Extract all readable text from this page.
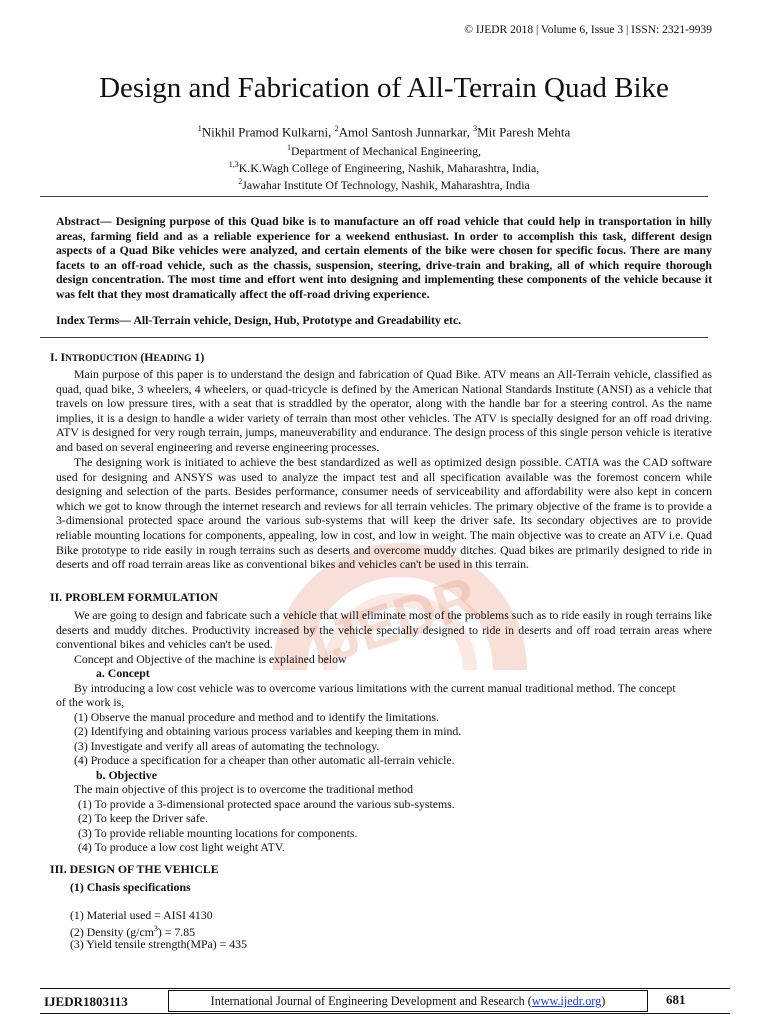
IJEDR
© IJEDR 2018 | Volume 6, Issue 3 | ISSN: 2321-9939
Design and Fabrication of All-Terrain Quad Bike
$^1$Nikhil Pramod Kulkarni, $^2$Amol Santosh Junnarkar, $^3$Mit Paresh Mehta
$^1$Department of Mechanical Engineering,
$^{1,3}$K.K.Wagh College of Engineering, Nashik, Maharashtra, India,
$^2$Jawahar Institute Of Technology, Nashik, Maharashtra, India
Abstract— Designing purpose of this Quad bike is to manufacture an off road vehicle that could help in transportation in hilly areas, farming field and as a reliable experience for a weekend enthusiast. In order to accomplish this task, different design aspects of a Quad Bike vehicles were analyzed, and certain elements of the bike were chosen for specific focus. There are many facets to an off-road vehicle, such as the chassis, suspension, steering, drive-train and braking, all of which require thorough design concentration. The most time and effort went into designing and implementing these components of the vehicle because it was felt that they most dramatically affect the off-road driving experience.
Index Terms— All-Terrain vehicle, Design, Hub, Prototype and Greadability etc.
I. INTRODUCTION (HEADING 1)

Main purpose of this paper is to understand the design and fabrication of Quad Bike. ATV means an All-Terrain vehicle, classified as quad, quad bike, 3 wheelers, 4 wheelers, or quad-tricycle is defined by the American National Standards Institute (ANSI) as a vehicle that travels on low pressure tires, with a seat that is straddled by the operator, along with the handle bar for a steering control. As the name implies, it is a design to handle a wider variety of terrain than most other vehicles. The ATV is specially designed for an off road driving. ATV is designed for very rough terrain, jumps, maneuverability and endurance. The design process of this single person vehicle is iterative and based on several engineering and reverse engineering processes.

The designing work is initiated to achieve the best standardized as well as optimized design possible. CATIA was the CAD software used for designing and ANSYS was used to analyze the impact test and all specification available was the foremost concern while designing and selection of the parts. Besides performance, consumer needs of serviceability and affordability were also kept in concern which we got to know through the internet research and reviews for all terrain vehicles. The primary objective of the frame is to provide a 3-dimensional protected space around the various sub-systems that will keep the driver safe. Its secondary objectives are to provide reliable mounting locations for components, appealing, low in cost, and low in weight. The main objective was to create an ATV i.e. Quad Bike prototype to ride easily in rough terrains such as deserts and overcome muddy ditches. Quad bikes are primarily designed to ride in deserts and off road terrain areas like as conventional bikes and vehicles can't be used in this terrain.

II. PROBLEM FORMULATION

We are going to design and fabricate such a vehicle that will eliminate most of the problems such as to ride easily in rough terrains like deserts and muddy ditches. Productivity increased by the vehicle specially designed to ride in deserts and off road terrain areas where conventional bikes and vehicles can't be used.

Concept and Objective of the machine is explained below
a. Concept
By introducing a low cost vehicle was to overcome various limitations with the current manual traditional method. The concept
of the work is,
(1) Observe the manual procedure and method and to identify the limitations.
(2) Identifying and obtaining various process variables and keeping them in mind.
(3) Investigate and verify all areas of automating the technology.
(4) Produce a specification for a cheaper than other automatic all-terrain vehicle.
b. Objective
The main objective of this project is to overcome the traditional method
(1) To provide a 3-dimensional protected space around the various sub-systems.
(2) To keep the Driver safe.
(3) To provide reliable mounting locations for components.
(4) To produce a low cost light weight ATV.
III. DESIGN OF THE VEHICLE
(1) Chasis specifications
(1) Material used = AISI 4130
(2) Density $(g/cm^3) = 7.85$
(3) Yield tensile strength(MPa) = 435
IJEDR1803113	International Journal of Engineering Development and Research (www.ijedr.org)	681
